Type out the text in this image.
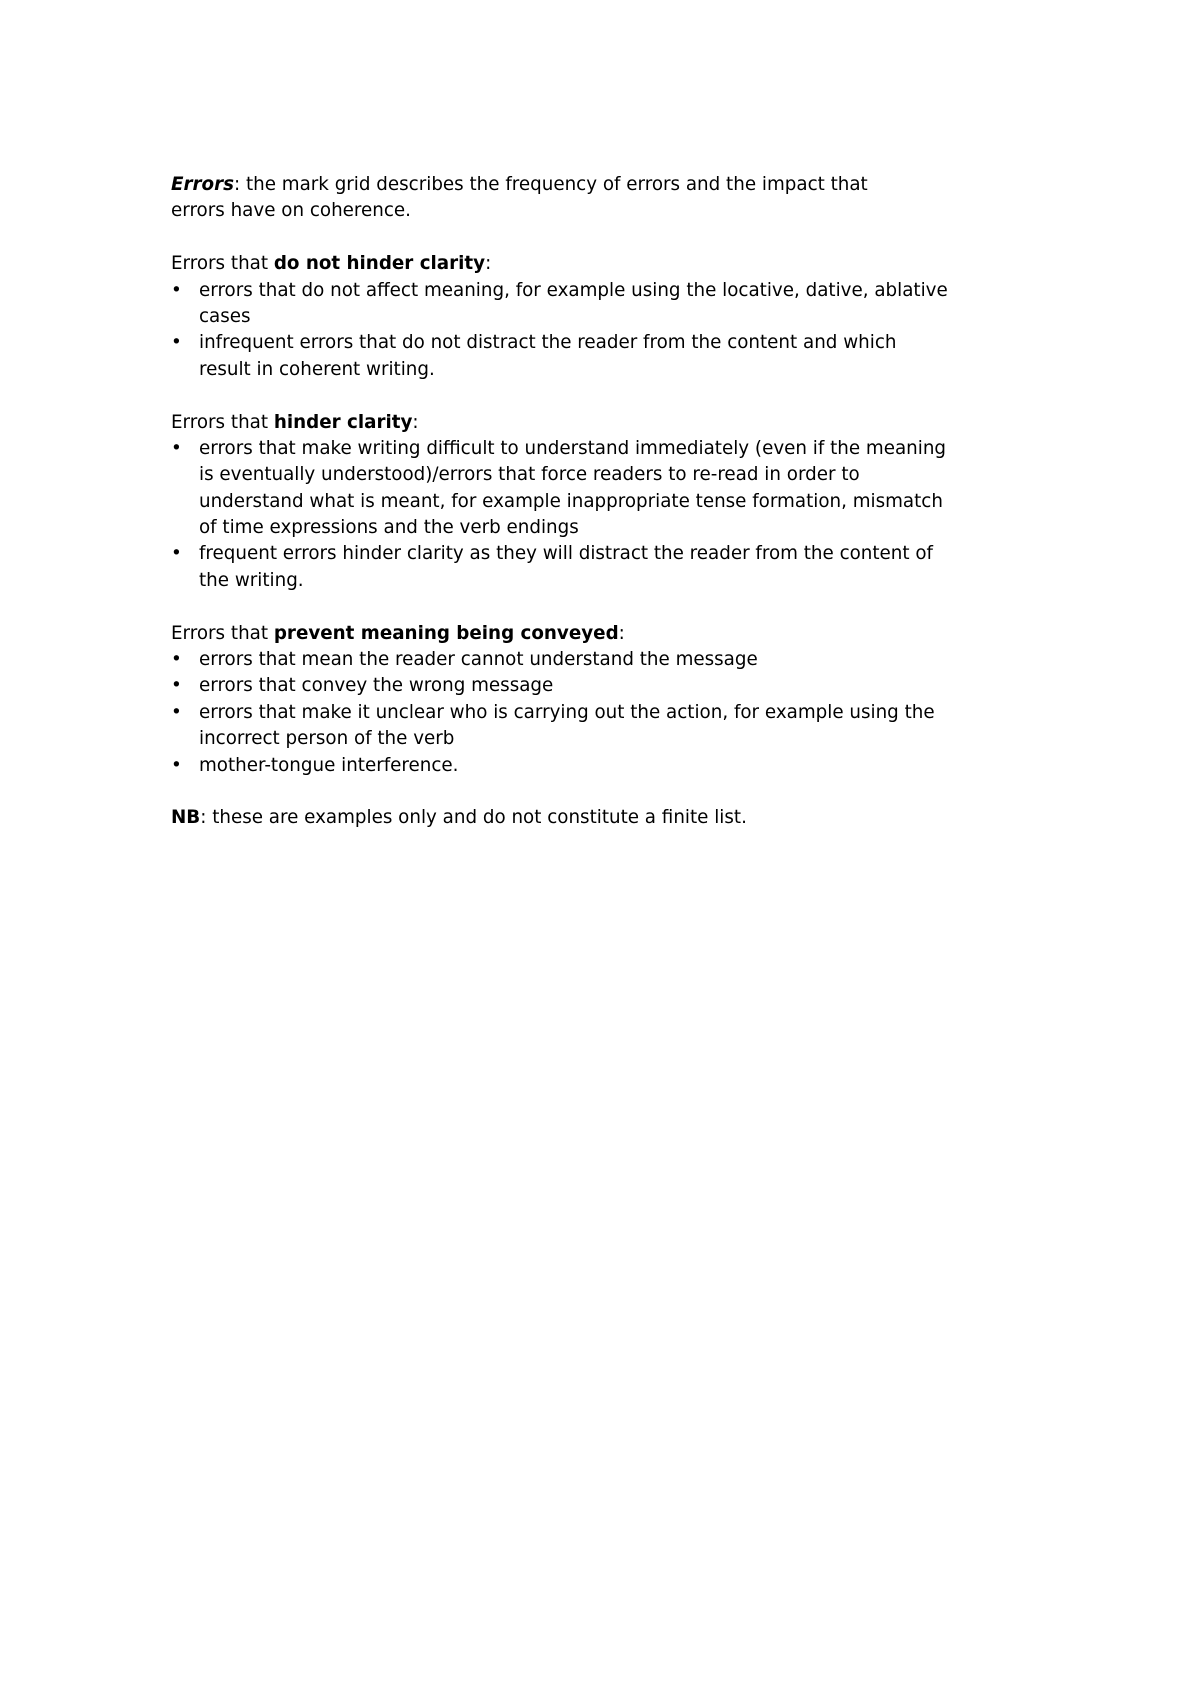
Errors: the mark grid describes the frequency of errors and the impact that
errors have on coherence.
Errors that do not hinder clarity:
• errors that do not affect meaning, for example using the locative, dative, ablative
cases
• infrequent errors that do not distract the reader from the content and which
result in coherent writing.
Errors that hinder clarity:
• errors that make writing difficult to understand immediately (even if the meaning
is eventually understood)/errors that force readers to re-read in order to
understand what is meant, for example inappropriate tense formation, mismatch
of time expressions and the verb endings
• frequent errors hinder clarity as they will distract the reader from the content of
the writing.
Errors that prevent meaning being conveyed:
• errors that mean the reader cannot understand the message
• errors that convey the wrong message
• errors that make it unclear who is carrying out the action, for example using the
incorrect person of the verb
• mother-tongue interference.
NB: these are examples only and do not constitute a finite list.
